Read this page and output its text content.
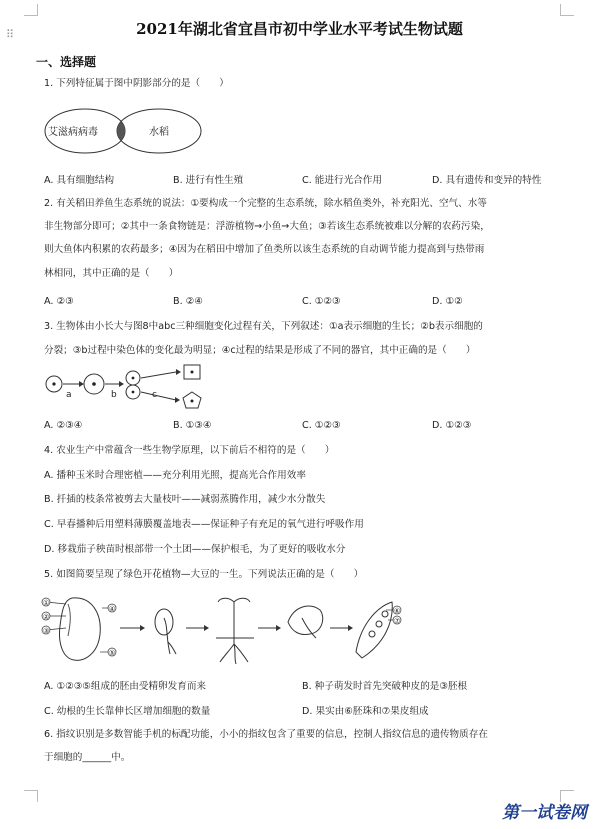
⠿	2021年湖北省宜昌市初中学业水平考试生物试题
一、选择题
1. 下列特征属于图中阴影部分的是（　　）
艾滋病病毒	水稻
A. 具有细胞结构	B. 进行有性生殖	C. 能进行光合作用	D. 具有遗传和变异的特性
2. 有关稻田养鱼生态系统的说法：①要构成一个完整的生态系统，除水稻鱼类外，补充阳光、空气、水等
非生物部分即可；②其中一条食物链是：浮游植物→小鱼→大鱼；③若该生态系统被难以分解的农药污染，
则大鱼体内积累的农药最多；④因为在稻田中增加了鱼类所以该生态系统的自动调节能力提高到与热带雨
林相同，其中正确的是（　　）
A. ②③	B. ②④	C. ①②③	D. ①②
3. 生物体由小长大与图8中abc三种细胞变化过程有关，下列叙述：①a表示细胞的生长；②b表示细胞的
分裂；③b过程中染色体的变化最为明显；④c过程的结果是形成了不同的器官，其中正确的是（　　）
a	b	c
A. ②③④	B. ①③④	C. ①②③	D. ①②③
4. 农业生产中常蕴含一些生物学原理，以下前后不相符的是（　　）
A. 播种玉米时合理密植——充分利用光照，提高光合作用效率
B. 扦插的枝条常被剪去大量枝叶——减弱蒸腾作用，减少水分散失
C. 早春播种后用塑料薄膜覆盖地表——保证种子有充足的氧气进行呼吸作用
D. 移栽茄子秧苗时根部带一个土团——保护根毛，为了更好的吸收水分
5. 如图简要呈现了绿色开花植物—大豆的一生。下列说法正确的是（　　）
①
②
③
④
⑤
⑥
⑦
A. ①②③⑤组成的胚由受精卵发育而来	B. 种子萌发时首先突破种皮的是③胚根
C. 幼根的生长靠伸长区增加细胞的数量	D. 果实由⑥胚珠和⑦果皮组成
6. 指纹识别是多数智能手机的标配功能，小小的指纹包含了重要的信息，控制人指纹信息的遗传物质存在
于细胞的______中。
第一试卷网
